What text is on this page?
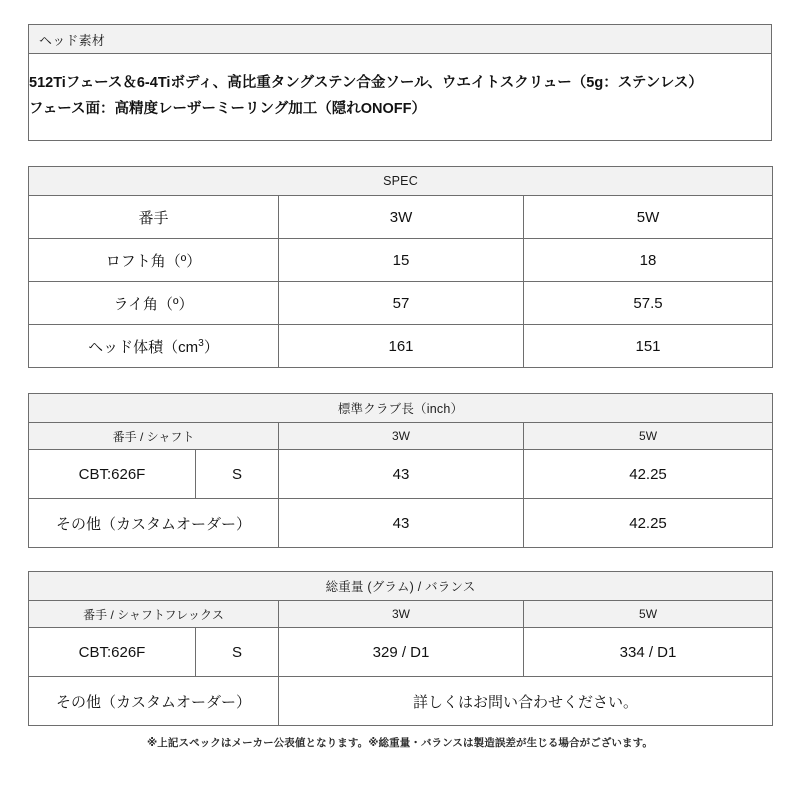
ヘッド素材

512Tiフェース＆6-4Tiボディ、高比重タングステン合金ソール、ウエイトスクリュー（5g：ステンレス）
フェース面：高精度レーザーミーリング加工（隠れONOFF）
SPEC		
番手	3W	5W
ロフト角（º）	15	18
ライ角（º）	57	57.5
ヘッド体積$(cm^3)$	161	151
標準クラブ長（inch）			
番手 / シャフト		3W	5W
CBT:626F	S	43	42.25
その他（カスタムオーダー）		43	42.25
総重量 (グラム) / バランス			
番手 / シャフトフレックス		3W	5W
CBT:626F	S	329 / D1	334 / D1
その他（カスタムオーダー）		詳しくはお問い合わせください。	
※上記スペックはメーカー公表値となります。※総重量・バランスは製造誤差が生じる場合がございます。
